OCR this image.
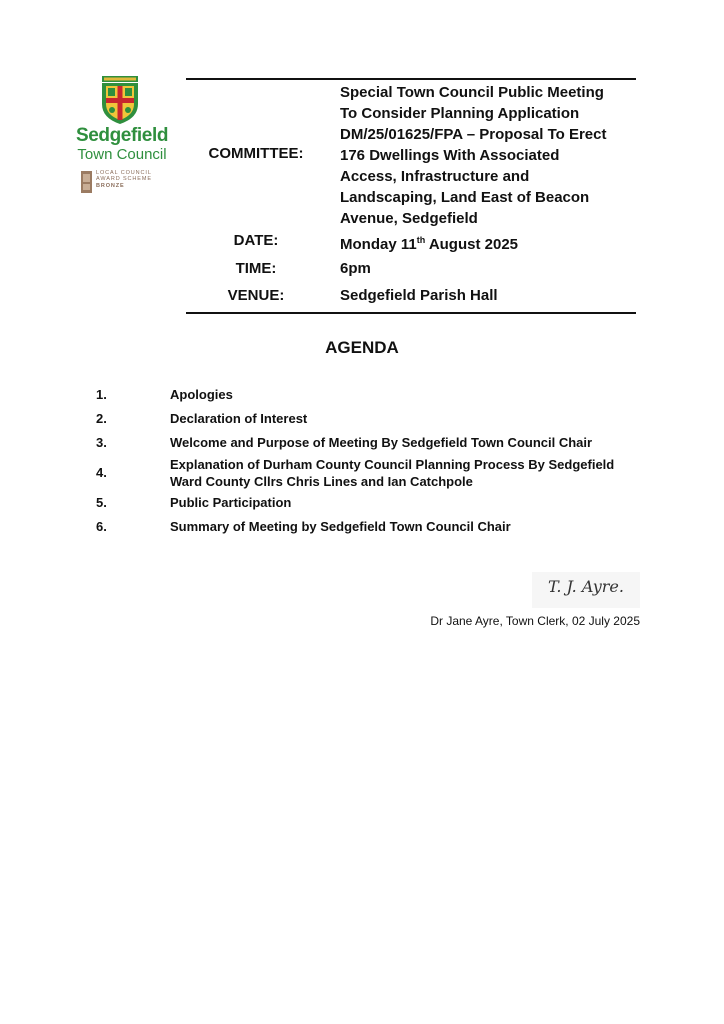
Sedgefield
Town Council
LOCAL COUNCIL
AWARD SCHEME
BRONZE
COMMITTEE:
Special Town Council Public Meeting
To Consider Planning Application
DM/25/01625/FPA – Proposal To Erect
176 Dwellings With Associated
Access, Infrastructure and
Landscaping, Land East of Beacon
Avenue, Sedgefield
DATE:	Monday 11th August 2025
TIME:	6pm
VENUE:	Sedgefield Parish Hall
AGENDA
1.	Apologies
2.	Declaration of Interest
3.	Welcome and Purpose of Meeting By Sedgefield Town Council Chair
4.
Explanation of Durham County Council Planning Process By Sedgefield
Ward County Cllrs Chris Lines and Ian Catchpole
5.	Public Participation
6.	Summary of Meeting by Sedgefield Town Council Chair
T. J. Ayre.
Dr Jane Ayre, Town Clerk, 02 July 2025
